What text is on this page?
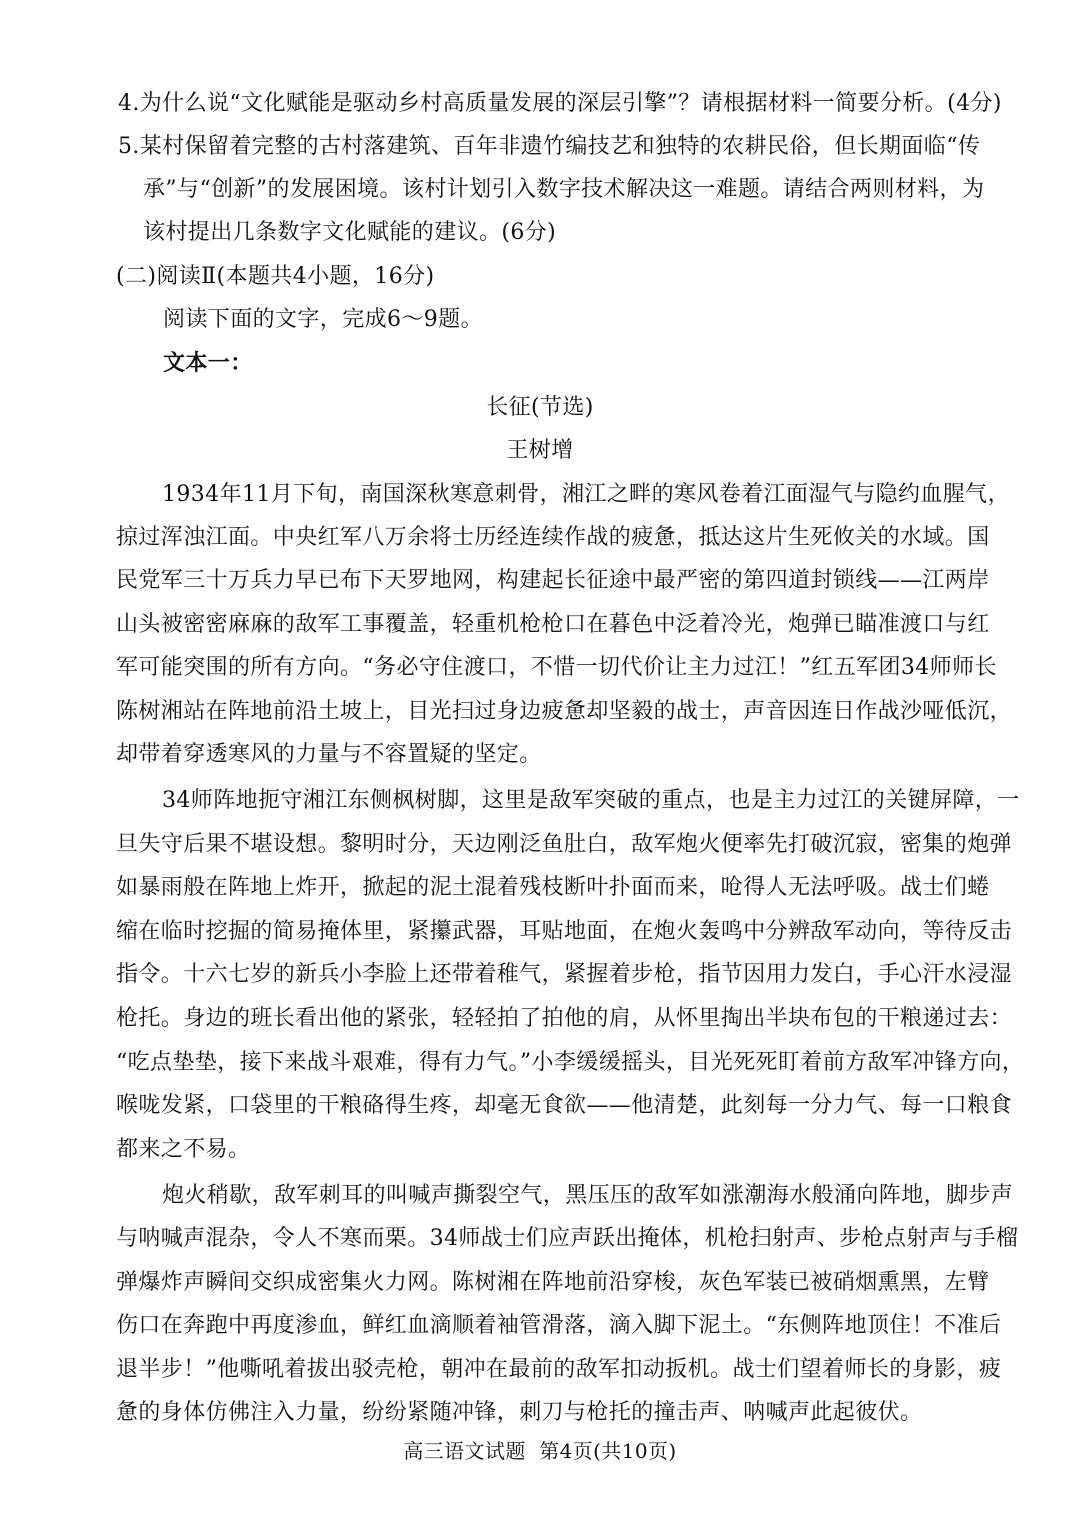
4.为什么说“文化赋能是驱动乡村高质量发展的深层引擎”？请根据材料一简要分析。(4分)
5.某村保留着完整的古村落建筑、百年非遗竹编技艺和独特的农耕民俗，但长期面临“传
承”与“创新”的发展困境。该村计划引入数字技术解决这一难题。请结合两则材料，为
该村提出几条数字文化赋能的建议。(6分)
(二)阅读Ⅱ(本题共4小题，16分)
阅读下面的文字，完成6～9题。
文本一：
长征(节选)
王树增
1934年11月下旬，南国深秋寒意刺骨，湘江之畔的寒风卷着江面湿气与隐约血腥气，
掠过浑浊江面。中央红军八万余将士历经连续作战的疲惫，抵达这片生死攸关的水域。国
民党军三十万兵力早已布下天罗地网，构建起长征途中最严密的第四道封锁线——江两岸
山头被密密麻麻的敌军工事覆盖，轻重机枪枪口在暮色中泛着冷光，炮弹已瞄准渡口与红
军可能突围的所有方向。“务必守住渡口，不惜一切代价让主力过江！”红五军团34师师长
陈树湘站在阵地前沿土坡上，目光扫过身边疲惫却坚毅的战士，声音因连日作战沙哑低沉，
却带着穿透寒风的力量与不容置疑的坚定。
34师阵地扼守湘江东侧枫树脚，这里是敌军突破的重点，也是主力过江的关键屏障，一
旦失守后果不堪设想。黎明时分，天边刚泛鱼肚白，敌军炮火便率先打破沉寂，密集的炮弹
如暴雨般在阵地上炸开，掀起的泥土混着残枝断叶扑面而来，呛得人无法呼吸。战士们蜷
缩在临时挖掘的简易掩体里，紧攥武器，耳贴地面，在炮火轰鸣中分辨敌军动向，等待反击
指令。十六七岁的新兵小李脸上还带着稚气，紧握着步枪，指节因用力发白，手心汗水浸湿
枪托。身边的班长看出他的紧张，轻轻拍了拍他的肩，从怀里掏出半块布包的干粮递过去：
“吃点垫垫，接下来战斗艰难，得有力气。”小李缓缓摇头，目光死死盯着前方敌军冲锋方向，
喉咙发紧，口袋里的干粮硌得生疼，却毫无食欲——他清楚，此刻每一分力气、每一口粮食
都来之不易。
炮火稍歇，敌军刺耳的叫喊声撕裂空气，黑压压的敌军如涨潮海水般涌向阵地，脚步声
与呐喊声混杂，令人不寒而栗。34师战士们应声跃出掩体，机枪扫射声、步枪点射声与手榴
弹爆炸声瞬间交织成密集火力网。陈树湘在阵地前沿穿梭，灰色军装已被硝烟熏黑，左臂
伤口在奔跑中再度渗血，鲜红血滴顺着袖管滑落，滴入脚下泥土。“东侧阵地顶住！不准后
退半步！”他嘶吼着拔出驳壳枪，朝冲在最前的敌军扣动扳机。战士们望着师长的身影，疲
惫的身体仿佛注入力量，纷纷紧随冲锋，刺刀与枪托的撞击声、呐喊声此起彼伏。
高三语文试题  第4页(共10页)
